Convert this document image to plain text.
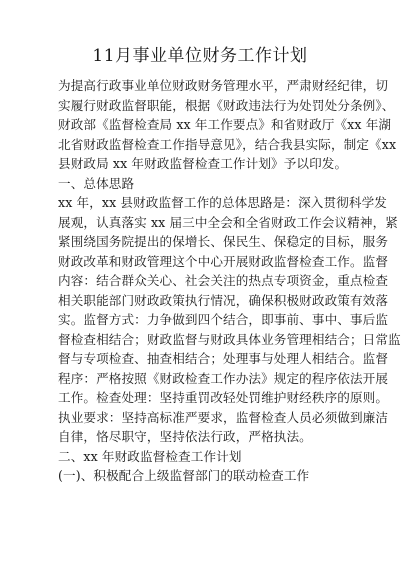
11月事业单位财务工作计划
为提高行政事业单位财政财务管理水平，严肃财经纪律，切
实履行财政监督职能，根据《财政违法行为处罚处分条例》、
财政部《监督检查局 xx 年工作要点》和省财政厅《xx 年湖
北省财政监督检查工作指导意见》，结合我县实际，制定《xx
县财政局 xx 年财政监督检查工作计划》予以印发。
一、总体思路
xx 年，xx 县财政监督工作的总体思路是：深入贯彻科学发
展观，认真落实 xx 届三中全会和全省财政工作会议精神，紧
紧围绕国务院提出的保增长、保民生、保稳定的目标，服务
财政改革和财政管理这个中心开展财政监督检查工作。监督
内容：结合群众关心、社会关注的热点专项资金，重点检查
相关职能部门财政政策执行情况，确保积极财政政策有效落
实。监督方式：力争做到四个结合，即事前、事中、事后监
督检查相结合；财政监督与财政具体业务管理相结合；日常监
督与专项检查、抽查相结合；处理事与处理人相结合。监督
程序：严格按照《财政检查工作办法》规定的程序依法开展
工作。检查处理：坚持重罚改轻处罚维护财经秩序的原则。
执业要求：坚持高标准严要求，监督检查人员必须做到廉洁
自律，恪尽职守，坚持依法行政，严格执法。
二、xx 年财政监督检查工作计划
(一)、积极配合上级监督部门的联动检查工作
